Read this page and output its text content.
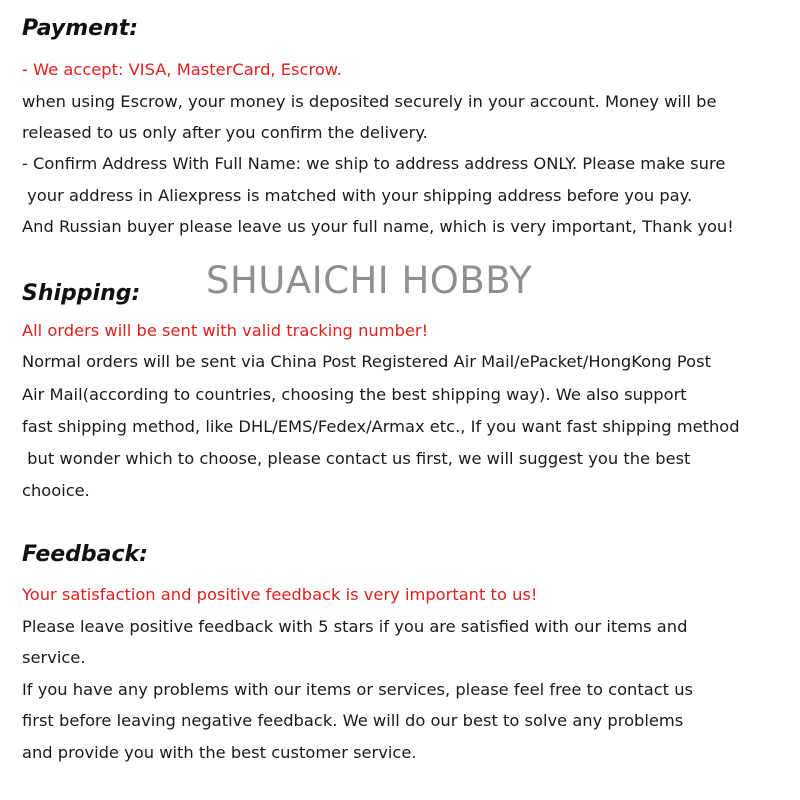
Payment:

- We accept: VISA, MasterCard, Escrow.

when using Escrow, your money is deposited securely in your account. Money will be

released to us only after you confirm the delivery.

- Confirm Address With Full Name: we ship to address address ONLY. Please make sure

your address in Aliexpress is matched with your shipping address before you pay.

And Russian buyer please leave us your full name, which is very important, Thank you!

SHUAICHI HOBBY

Shipping:

All orders will be sent with valid tracking number!

Normal orders will be sent via China Post Registered Air Mail/ePacket/HongKong Post

Air Mail(according to countries, choosing the best shipping way). We also support

fast shipping method, like DHL/EMS/Fedex/Armax etc., If you want fast shipping method

but wonder which to choose, please contact us first, we will suggest you the best

chooice.

Feedback:

Your satisfaction and positive feedback is very important to us!

Please leave positive feedback with 5 stars if you are satisfied with our items and

service.

If you have any problems with our items or services, please feel free to contact us

first before leaving negative feedback. We will do our best to solve any problems

and provide you with the best customer service.
